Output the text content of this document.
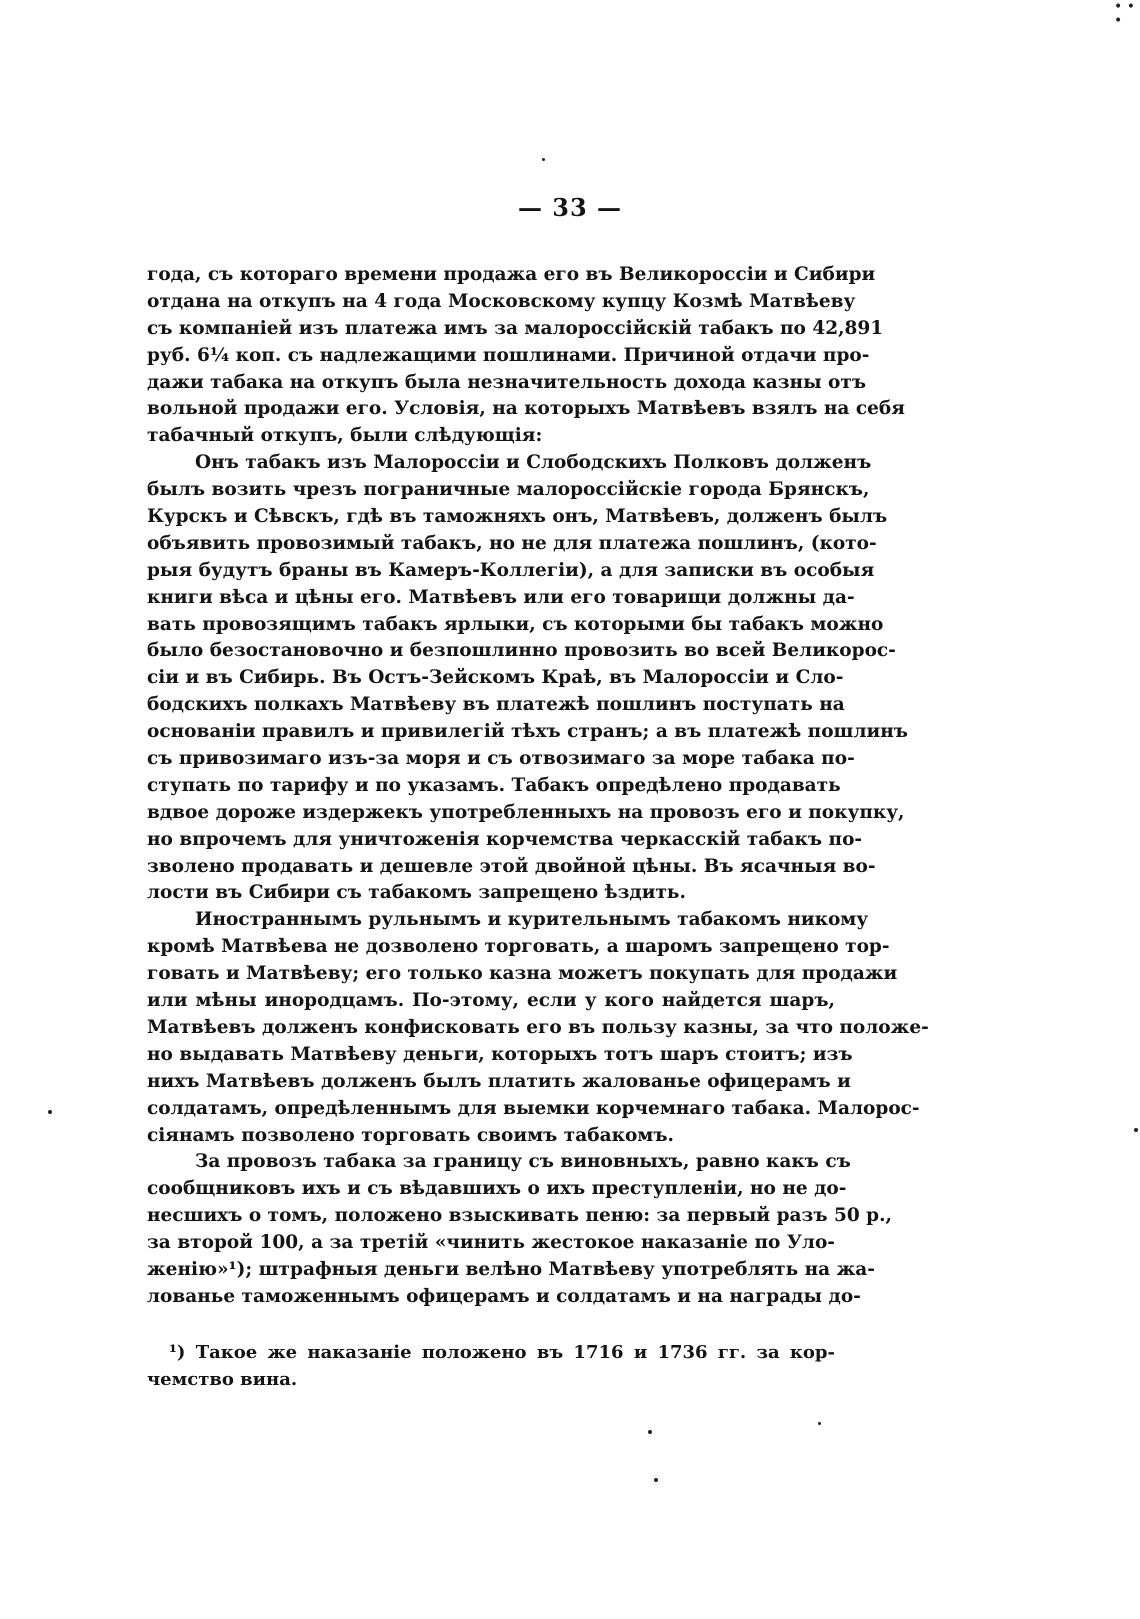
— 33 —
года, съ котораго времени продажа его въ Великороссіи и Сибири
отдана на откупъ на 4 года Московскому купцу Козмѣ Матвѣеву
съ компаніей изъ платежа имъ за малороссійскій табакъ по 42,891
руб. 6¼ коп. съ надлежащими пошлинами. Причиной отдачи про-
дажи табака на откупъ была незначительность дохода казны отъ
вольной продажи его. Условія, на которыхъ Матвѣевъ взялъ на себя
табачный откупъ, были слѣдующія:
Онъ табакъ изъ Малороссіи и Слободскихъ Полковъ долженъ
былъ возить чрезъ пограничные малороссійскіе города Брянскъ,
Курскъ и Сѣвскъ, гдѣ въ таможняхъ онъ, Матвѣевъ, долженъ былъ
объявить провозимый табакъ, но не для платежа пошлинъ, (кото-
рыя будутъ браны въ Камеръ-Коллегіи), а для записки въ особыя
книги вѣса и цѣны его. Матвѣевъ или его товарищи должны да-
вать провозящимъ табакъ ярлыки, съ которыми бы табакъ можно
было безостановочно и безпошлинно провозить во всей Великорос-
сіи и въ Сибирь. Въ Остъ-Зейскомъ Краѣ, въ Малороссіи и Сло-
бодскихъ полкахъ Матвѣеву въ платежѣ пошлинъ поступать на
основаніи правилъ и привилегій тѣхъ странъ; а въ платежѣ пошлинъ
съ привозимаго изъ-за моря и съ отвозимаго за море табака по-
ступать по тарифу и по указамъ. Табакъ опредѣлено продавать
вдвое дороже издержекъ употребленныхъ на провозъ его и покупку,
но впрочемъ для уничтоженія корчемства черкасскій табакъ по-
зволено продавать и дешевле этой двойной цѣны. Въ ясачныя во-
лости въ Сибири съ табакомъ запрещено ѣздить.
Иностраннымъ рульнымъ и курительнымъ табакомъ никому
кромѣ Матвѣева не дозволено торговать, а шаромъ запрещено тор-
говать и Матвѣеву; его только казна можетъ покупать для продажи
или мѣны инородцамъ. По-этому, если у кого найдется шаръ,
Матвѣевъ долженъ конфисковать его въ пользу казны, за что положе-
но выдавать Матвѣеву деньги, которыхъ тотъ шаръ стоитъ; изъ
нихъ Матвѣевъ долженъ былъ платить жалованье офицерамъ и
солдатамъ, опредѣленнымъ для выемки корчемнаго табака. Малорос-
сіянамъ позволено торговать своимъ табакомъ.
За провозъ табака за границу съ виновныхъ, равно какъ съ
сообщниковъ ихъ и съ вѣдавшихъ о ихъ преступленіи, но не до-
несшихъ о томъ, положено взыскивать пеню: за первый разъ 50 р.,
за второй 100, а за третій «чинить жестокое наказаніе по Уло-
женію»¹); штрафныя деньги велѣно Матвѣеву употреблять на жа-
лованье таможеннымъ офицерамъ и солдатамъ и на награды до-
¹) Такое же наказаніе положено въ 1716 и 1736 гг. за кор-
чемство вина.
• • •
